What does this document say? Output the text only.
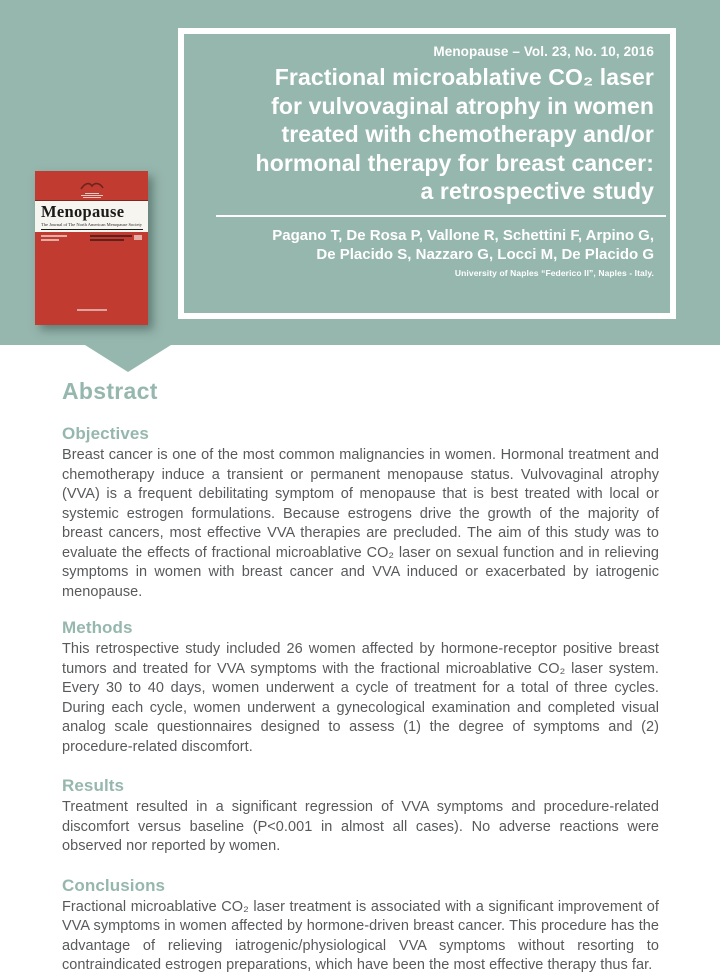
Menopause – Vol. 23, No. 10, 2016
Fractional microablative CO₂ laser
for vulvovaginal atrophy in women
treated with chemotherapy and/or
hormonal therapy for breast cancer:
a retrospective study
Pagano T, De Rosa P, Vallone R, Schettini F, Arpino G,
De Placido S, Nazzaro G, Locci M, De Placido G
University of Naples “Federico II”, Naples - Italy.
Menopause
The Journal of The North American Menopause Society
Abstract
Objectives
Breast cancer is one of the most common malignancies in women. Hormonal treatment and chemotherapy induce a transient or permanent menopause status. Vulvovaginal atrophy (VVA) is a frequent debilitating symptom of menopause that is best treated with local or systemic estrogen formulations. Because estrogens drive the growth of the majority of breast cancers, most effective VVA therapies are precluded. The aim of this study was to evaluate the effects of fractional microablative CO₂ laser on sexual function and in relieving symptoms in women with breast cancer and VVA induced or exacerbated by iatrogenic menopause.
Methods
This retrospective study included 26 women affected by hormone-receptor positive breast tumors and treated for VVA symptoms with the fractional microablative CO₂ laser system. Every 30 to 40 days, women underwent a cycle of treatment for a total of three cycles. During each cycle, women underwent a gynecological examination and completed visual analog scale questionnaires designed to assess (1) the degree of symptoms and (2) procedure-related discomfort.
Results
Treatment resulted in a significant regression of VVA symptoms and procedure-related discomfort versus baseline (P<0.001 in almost all cases). No adverse reactions were observed nor reported by women.
Conclusions
Fractional microablative CO₂ laser treatment is associated with a significant improvement of VVA symptoms in women affected by hormone-driven breast cancer. This procedure has the advantage of relieving iatrogenic/physiological VVA symptoms without resorting to contraindicated estrogen preparations, which have been the most effective therapy thus far.
